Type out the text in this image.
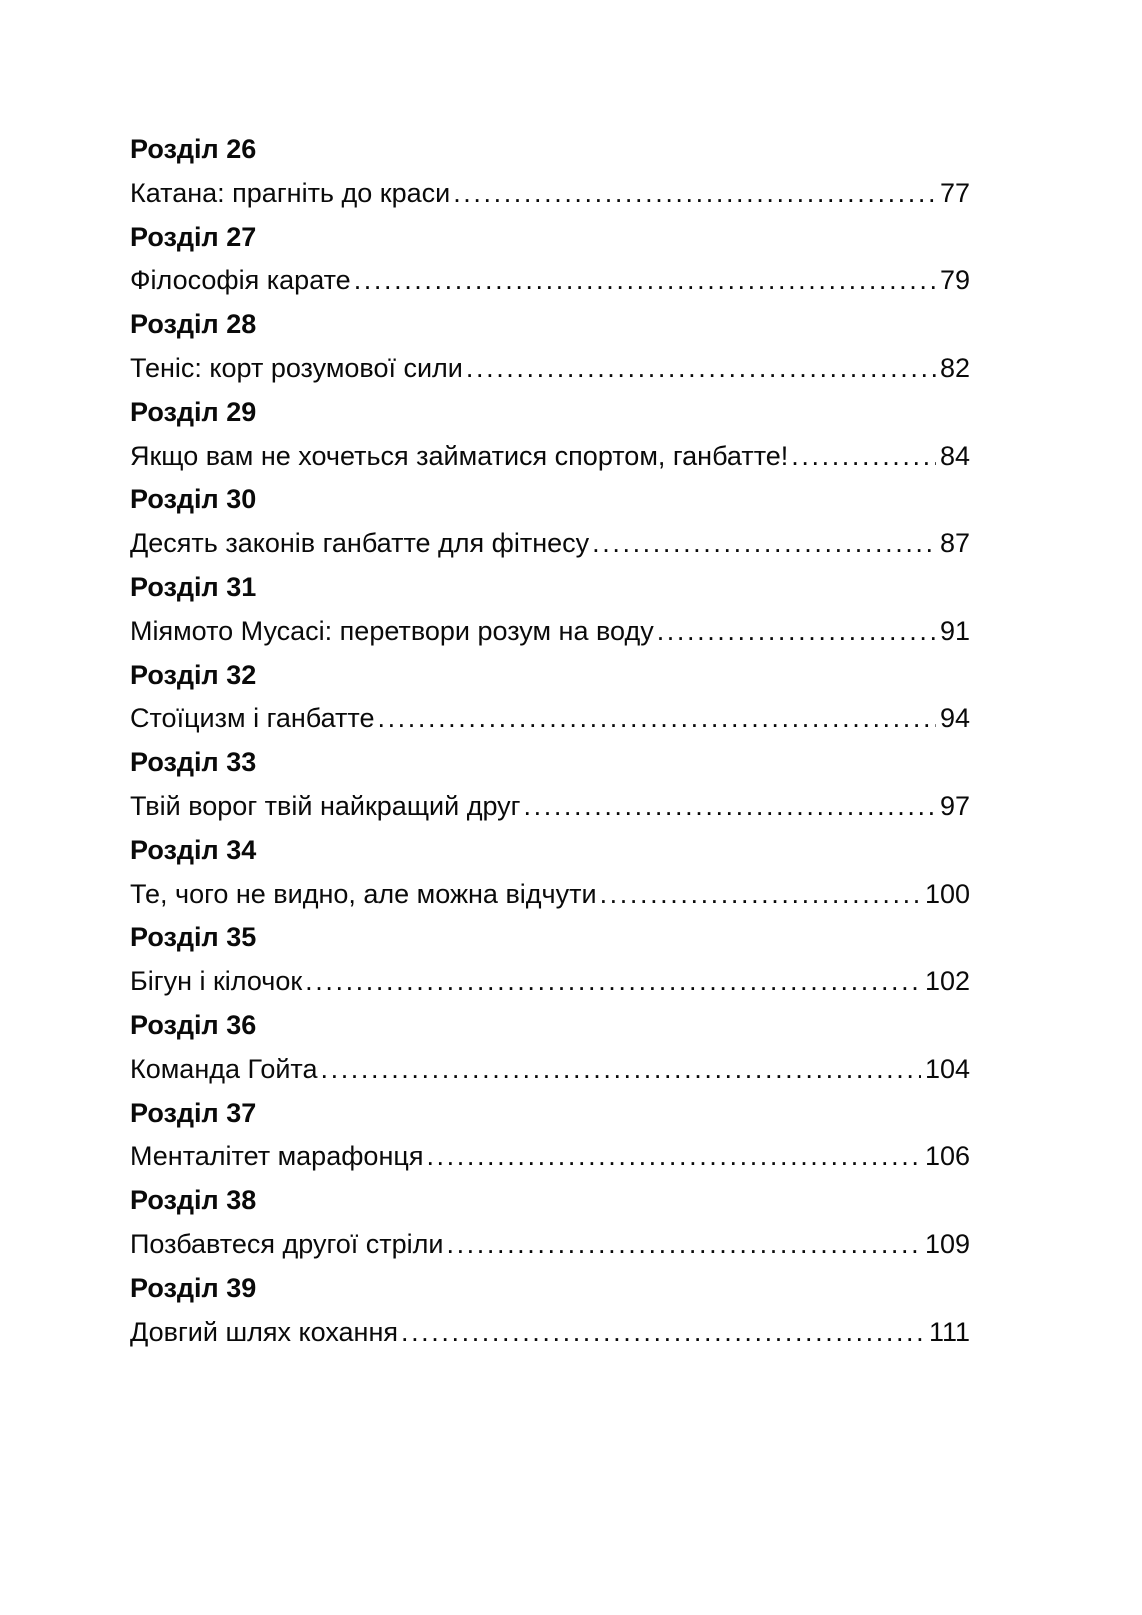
Розділ 26
Катана: прагніть до краси .....	77
Розділ 27
Філософія карате .....	79
Розділ 28
Теніс: корт розумової сили .....	82
Розділ 29
Якщо вам не хочеться займатися спортом, ганбатте! .....	84
Розділ 30
Десять законів ганбатте для фітнесу .....	87
Розділ 31
Міямото Мусасі: перетвори розум на воду .....	91
Розділ 32
Стоїцизм і ганбатте .....	94
Розділ 33
Твій ворог твій найкращий друг .....	97
Розділ 34
Те, чого не видно, але можна відчути .....	100
Розділ 35
Бігун і кілочок .....	102
Розділ 36
Команда Гойта .....	104
Розділ 37
Менталітет марафонця .....	106
Розділ 38
Позбавтеся другої стріли .....	109
Розділ 39
Довгий шлях кохання .....	111
